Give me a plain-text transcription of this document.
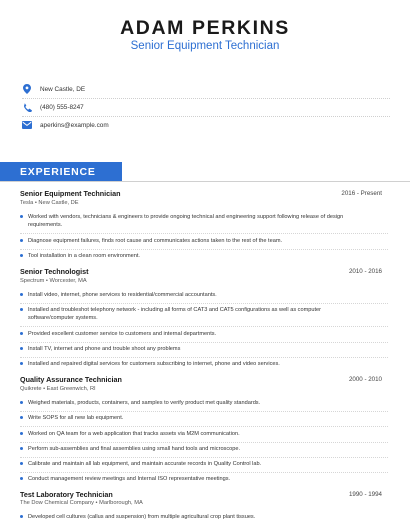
ADAM PERKINS
Senior Equipment Technician
New Castle, DE
(480) 555-8247
aperkins@example.com
EXPERIENCE
Senior Equipment Technician	2016 - Present
Tesla • New Castle, DE
Worked with vendors, technicians & engineers to provide ongoing technical and engineering support following release of design requirements.
Diagnose equipment failures, finds root cause and communicates actions taken to the rest of the team.
Tool installation in a clean room environment.
Senior Technologist	2010 - 2016
Spectrum • Worcester, MA
Install video, internet, phone services to residential/commercial accountants.
Installed and troubleshot telephony network - including all forms of CAT3 and CAT5 configurations as well as computer software/computer systems.
Provided excellent customer service to customers and internal departments.
Install TV, internet and phone and trouble shoot any problems
Installed and repaired digital services for customers subscribing to internet, phone and video services.
Quality Assurance Technician	2000 - 2010
Quikrete • East Greenwich, RI
Weighed materials, products, containers, and samples to verify product met quality standards.
Write SOPS for all new lab equipment.
Worked on QA team for a web application that tracks assets via M2M communication.
Perform sub-assemblies and final assemblies using small hand tools and microscope.
Calibrate and maintain all lab equipment, and maintain accurate records in Quality Control lab.
Conduct management review meetings and Internal ISO representative meetings.
Test Laboratory Technician	1990 - 1994
The Dow Chemical Company • Marlborough, MA
Developed cell cultures (callus and suspension) from multiple agricultural crop plant tissues.
